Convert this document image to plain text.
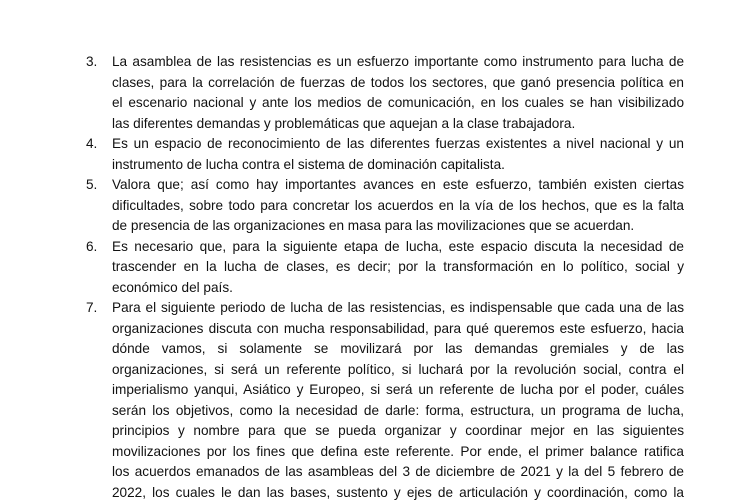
3. La asamblea de las resistencias es un esfuerzo importante como instrumento para lucha de
clases, para la correlación de fuerzas de todos los sectores, que ganó presencia política en
el escenario nacional y ante los medios de comunicación, en los cuales se han visibilizado
las diferentes demandas y problemáticas que aquejan a la clase trabajadora.

4. Es un espacio de reconocimiento de las diferentes fuerzas existentes a nivel nacional y un
instrumento de lucha contra el sistema de dominación capitalista.

5. Valora que; así como hay importantes avances en este esfuerzo, también existen ciertas
dificultades, sobre todo para concretar los acuerdos en la vía de los hechos, que es la falta
de presencia de las organizaciones en masa para las movilizaciones que se acuerdan.

6. Es necesario que, para la siguiente etapa de lucha, este espacio discuta la necesidad de
trascender en la lucha de clases, es decir; por la transformación en lo político, social y
económico del país.

7. Para el siguiente periodo de lucha de las resistencias, es indispensable que cada una de las
organizaciones discuta con mucha responsabilidad, para qué queremos este esfuerzo, hacia
dónde vamos, si solamente se movilizará por las demandas gremiales y de las
organizaciones, si será un referente político, si luchará por la revolución social, contra el
imperialismo yanqui, Asiático y Europeo, si será un referente de lucha por el poder, cuáles
serán los objetivos, como la necesidad de darle: forma, estructura, un programa de lucha,
principios y nombre para que se pueda organizar y coordinar mejor en las siguientes
movilizaciones por los fines que defina este referente. Por ende, el primer balance ratifica
los acuerdos emanados de las asambleas del 3 de diciembre de 2021 y la del 5 febrero de
2022, los cuales le dan las bases, sustento y ejes de articulación y coordinación, como la
